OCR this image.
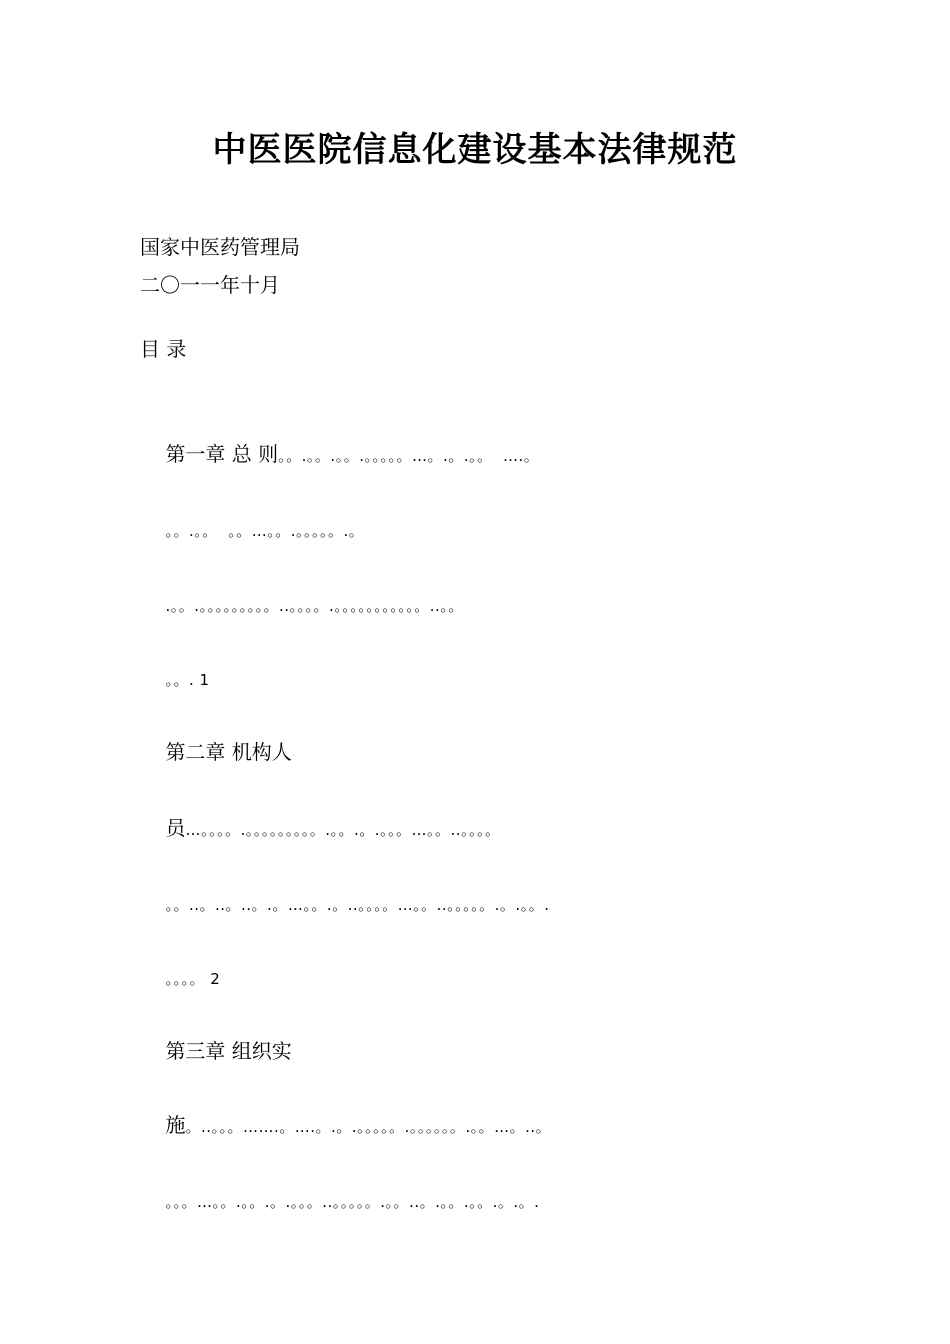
中医医院信息化建设基本法律规范
国家中医药管理局
二〇一一年十月
目 录

第一章 总 则。。.。。.。。.。。。。。…。.。.。。  ….。

。。.。。  。。…。。.。。。。。.。

.。。.。。。。。。。。。..。。。。.。。。。。。。。。。。..。。

。。. 1

第二章 机构人

员…。。。。.。。。。。。。。。.。。.。.。。。…。。..。。。。

。。..。..。..。.。…。。.。..。。。。…。。..。。。。。.。.。。.

。。。。 2

第三章 组织实

施。..。。。…….。….。.。.。。。。。.。。。。。。.。。…。..。

。。。…。。.。。.。.。。。..。。。。。.。。..。.。。.。。.。.。.
